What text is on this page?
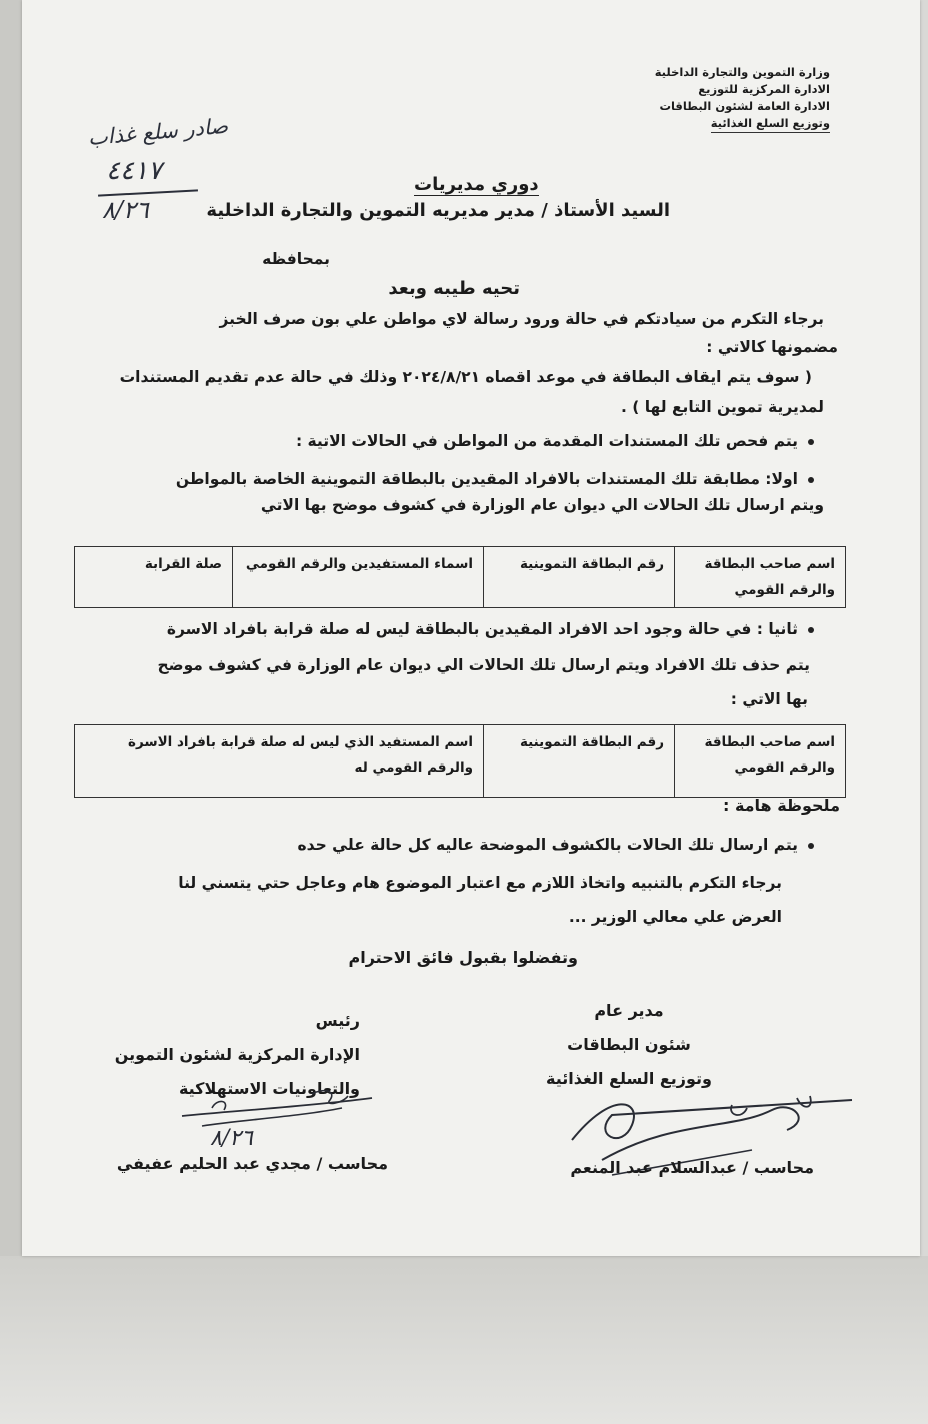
وزارة التموين والتجارة الداخلية
الادارة المركزية للتوزيع
الادارة العامة لشئون البطاقات
وتوزيع السلع الغذائية
صادر سلع غذاب
٤٤١٧
٨/٢٦
دوري مديريات
السيد الأستاذ / مدير مديريه التموين والتجارة الداخلية
بمحافظه
تحيه طيبه وبعد
برجاء التكرم من سيادتكم في حالة ورود رسالة لاي مواطن علي بون صرف الخبز
مضمونها كالاتي :
( سوف يتم ايقاف البطاقة في موعد اقصاه ٢٠٢٤/٨/٢١ وذلك في حالة عدم تقديم المستندات
لمديرية تموين التابع لها ) .
يتم فحص تلك المستندات المقدمة من المواطن في الحالات الاتية :
اولا: مطابقة تلك المستندات بالافراد المقيدين بالبطاقة التموينية الخاصة بالمواطن
ويتم ارسال تلك الحالات الي ديوان عام الوزارة في كشوف موضح بها الاتي
اسم صاحب البطاقة والرقم القومي	رقم البطاقة التموينية	اسماء المستفيدين والرقم القومي	صلة القرابة
ثانيا : في حالة وجود احد الافراد المقيدين بالبطاقة ليس له صلة قرابة بافراد الاسرة
يتم حذف تلك الافراد ويتم ارسال تلك الحالات الي ديوان عام الوزارة في كشوف موضح
بها الاتي :
اسم صاحب البطاقة والرقم القومي	رقم البطاقة التموينية	اسم المستفيد الذي ليس له صلة قرابة بافراد الاسرة والرقم القومي له
ملحوظة هامة :
يتم ارسال تلك الحالات بالكشوف الموضحة عاليه كل حالة علي حده
برجاء التكرم بالتنبيه واتخاذ اللازم مع اعتبار الموضوع هام وعاجل حتي يتسني لنا
العرض علي معالي الوزير ...
وتفضلوا بقبول فائق الاحترام
مدير عام
شئون البطاقات
وتوزيع السلع الغذائية
رئيس
الإدارة المركزية لشئون التموين
والتعاونيات الاستهلاكية
٨/٢٦
محاسب / عبدالسلام عبد المنعم
محاسب / مجدي عبد الحليم عفيفي
